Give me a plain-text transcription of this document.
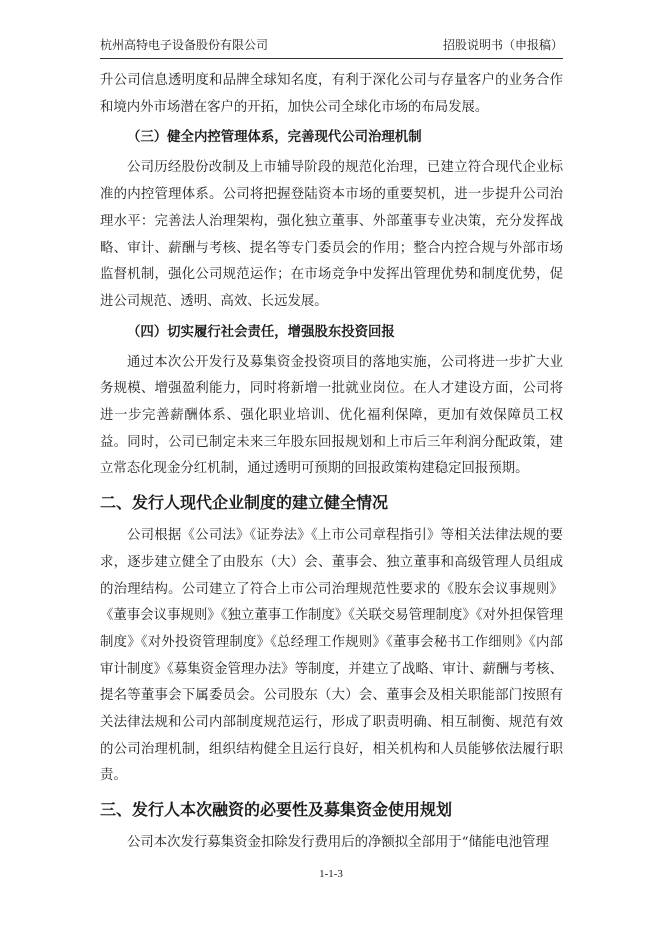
杭州高特电子设备股份有限公司	招股说明书（申报稿）

升公司信息透明度和品牌全球知名度，有利于深化公司与存量客户的业务合作和境内外市场潜在客户的开拓，加快公司全球化市场的布局发展。

（三）健全内控管理体系，完善现代公司治理机制

公司历经股份改制及上市辅导阶段的规范化治理，已建立符合现代企业标准的内控管理体系。公司将把握登陆资本市场的重要契机，进一步提升公司治理水平：完善法人治理架构，强化独立董事、外部董事专业决策，充分发挥战略、审计、薪酬与考核、提名等专门委员会的作用；整合内控合规与外部市场监督机制，强化公司规范运作；在市场竞争中发挥出管理优势和制度优势，促进公司规范、透明、高效、长远发展。

（四）切实履行社会责任，增强股东投资回报

通过本次公开发行及募集资金投资项目的落地实施，公司将进一步扩大业务规模、增强盈利能力，同时将新增一批就业岗位。在人才建设方面，公司将进一步完善薪酬体系、强化职业培训、优化福利保障，更加有效保障员工权益。同时，公司已制定未来三年股东回报规划和上市后三年利润分配政策，建立常态化现金分红机制，通过透明可预期的回报政策构建稳定回报预期。

二、发行人现代企业制度的建立健全情况

公司根据《公司法》《证券法》《上市公司章程指引》等相关法律法规的要求，逐步建立健全了由股东（大）会、董事会、独立董事和高级管理人员组成的治理结构。公司建立了符合上市公司治理规范性要求的《股东会议事规则》《董事会议事规则》《独立董事工作制度》《关联交易管理制度》《对外担保管理制度》《对外投资管理制度》《总经理工作规则》《董事会秘书工作细则》《内部审计制度》《募集资金管理办法》等制度，并建立了战略、审计、薪酬与考核、提名等董事会下属委员会。公司股东（大）会、董事会及相关职能部门按照有关法律法规和公司内部制度规范运行，形成了职责明确、相互制衡、规范有效的公司治理机制，组织结构健全且运行良好，相关机构和人员能够依法履行职责。

三、发行人本次融资的必要性及募集资金使用规划

公司本次发行募集资金扣除发行费用后的净额拟全部用于“储能电池管理

1-1-3
